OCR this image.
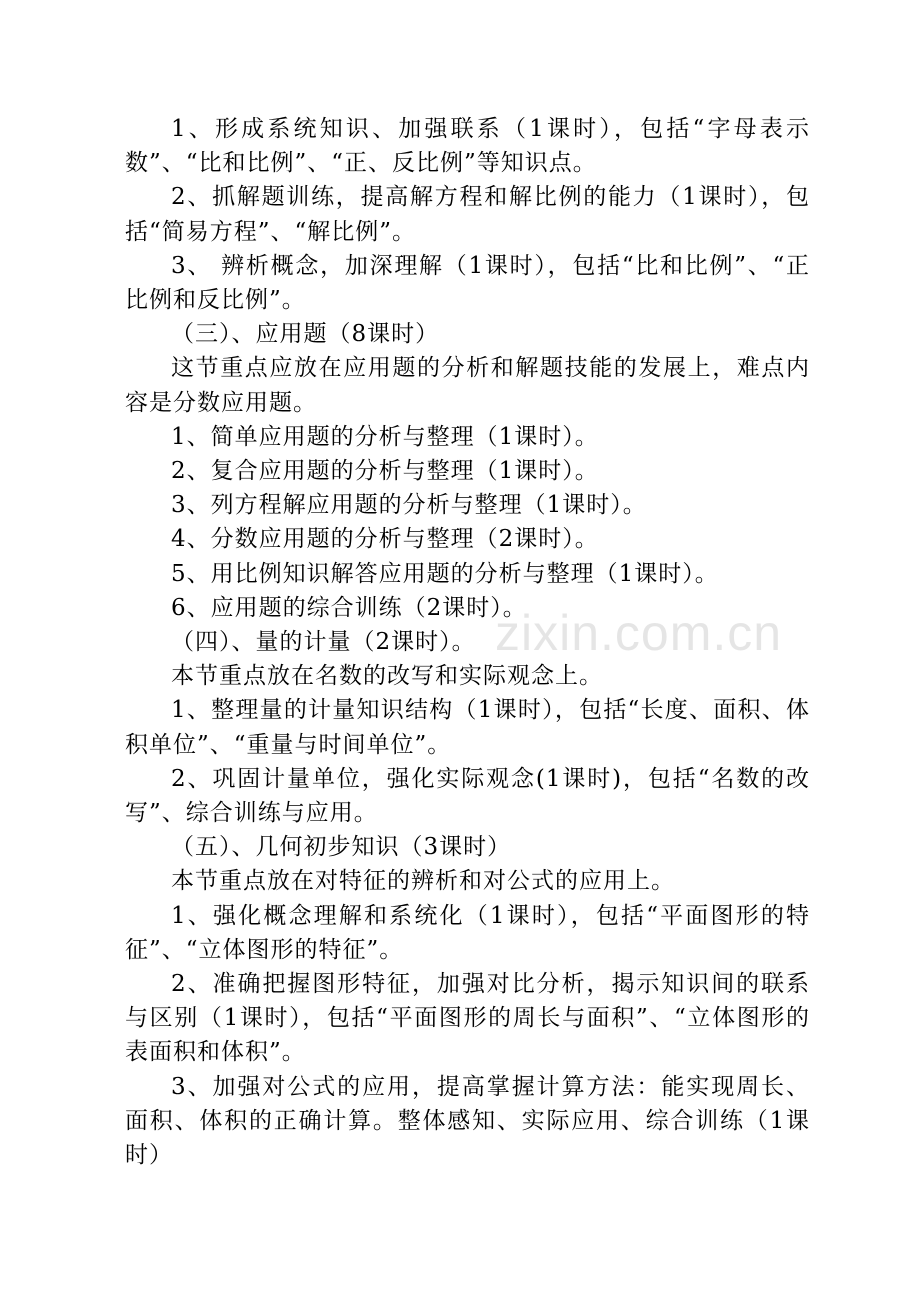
1、形成系统知识、加强联系（1课时），包括“字母表示数”、“比和比例”、“正、反比例”等知识点。

2、抓解题训练，提高解方程和解比例的能力（1课时），包括“简易方程”、“解比例”。

3、 辨析概念，加深理解（1课时），包括“比和比例”、“正比例和反比例”。

（三）、应用题（8课时）

这节重点应放在应用题的分析和解题技能的发展上，难点内容是分数应用题。

1、简单应用题的分析与整理（1课时）。

2、复合应用题的分析与整理（1课时）。

3、列方程解应用题的分析与整理（1课时）。

4、分数应用题的分析与整理（2课时）。

5、用比例知识解答应用题的分析与整理（1课时）。

6、应用题的综合训练（2课时）。

（四）、量的计量（2课时）。

本节重点放在名数的改写和实际观念上。

1、整理量的计量知识结构（1课时），包括“长度、面积、体积单位”、“重量与时间单位”。

2、巩固计量单位，强化实际观念(1课时)，包括“名数的改写”、综合训练与应用。

（五）、几何初步知识（3课时）

本节重点放在对特征的辨析和对公式的应用上。

1、强化概念理解和系统化（1课时），包括“平面图形的特征”、“立体图形的特征”。

2、准确把握图形特征，加强对比分析，揭示知识间的联系与区别（1课时），包括“平面图形的周长与面积”、“立体图形的表面积和体积”。

3、加强对公式的应用，提高掌握计算方法：能实现周长、面积、体积的正确计算。整体感知、实际应用、综合训练（1课时）

zixin.com.cn
